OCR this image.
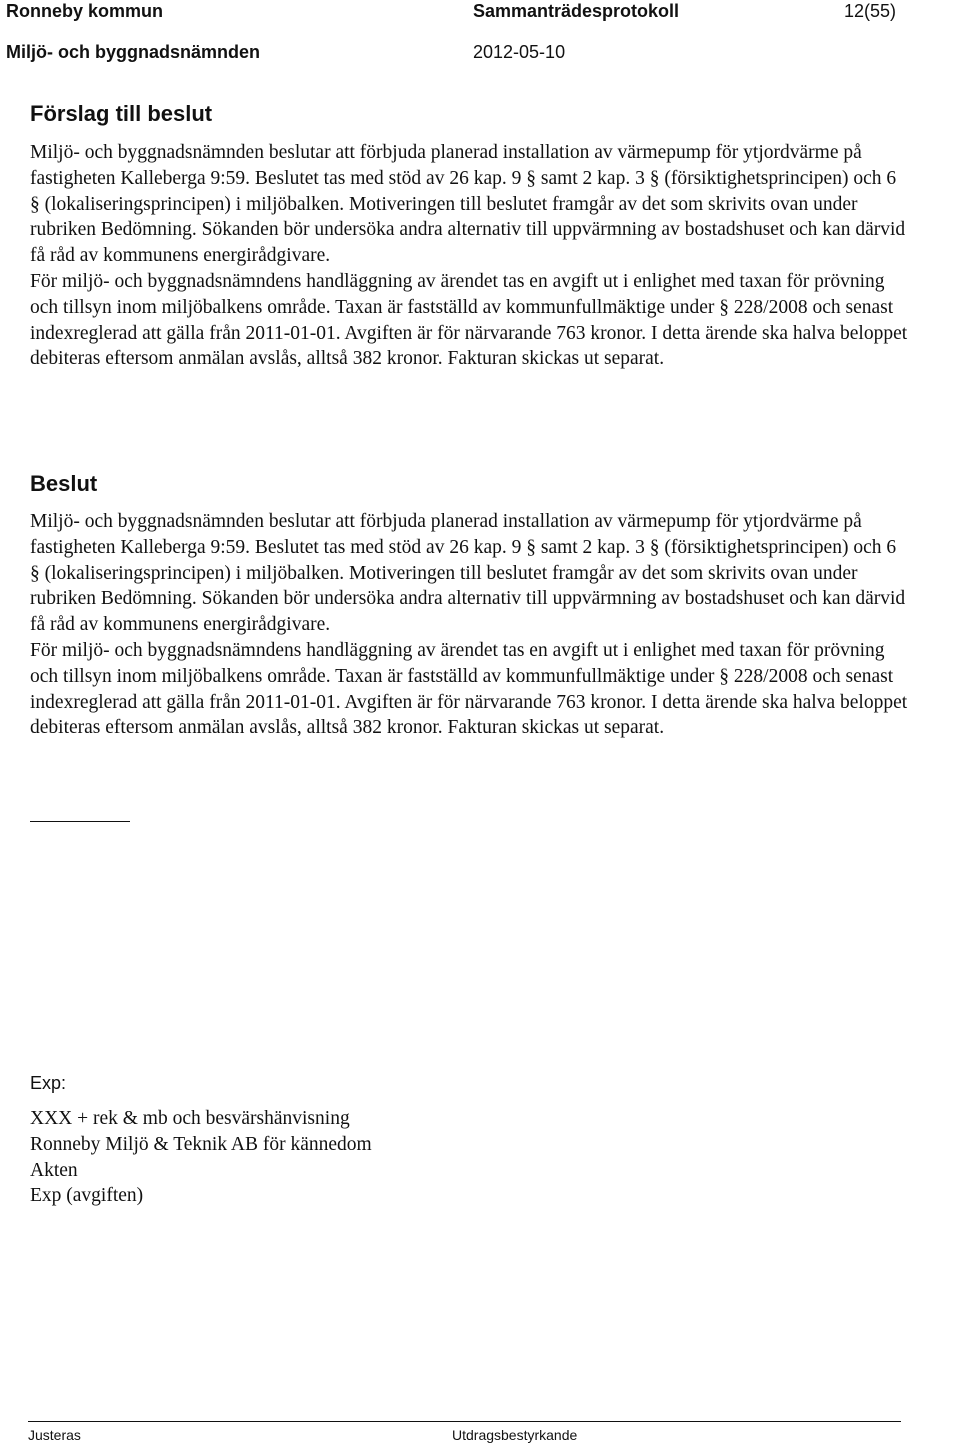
Ronneby kommun	Sammanträdesprotokoll	12(55)
Miljö- och byggnadsnämnden	2012-05-10
Förslag till beslut

Miljö- och byggnadsnämnden beslutar att förbjuda planerad installation av värmepump för ytjordvärme på fastigheten Kalleberga 9:59. Beslutet tas med stöd av 26 kap. 9 § samt 2 kap. 3 § (försiktighetsprincipen) och 6 § (lokaliseringsprincipen) i miljöbalken. Motiveringen till beslutet framgår av det som skrivits ovan under rubriken Bedömning. Sökanden bör undersöka andra alternativ till uppvärmning av bostadshuset och kan därvid få råd av kommunens energirådgivare.

För miljö- och byggnadsnämndens handläggning av ärendet tas en avgift ut i enlighet med taxan för prövning och tillsyn inom miljöbalkens område. Taxan är fastställd av kommunfullmäktige under § 228/2008 och senast indexreglerad att gälla från 2011-01-01. Avgiften är för närvarande 763 kronor. I detta ärende ska halva beloppet debiteras eftersom anmälan avslås, alltså 382 kronor. Fakturan skickas ut separat.

Beslut

Miljö- och byggnadsnämnden beslutar att förbjuda planerad installation av värmepump för ytjordvärme på fastigheten Kalleberga 9:59. Beslutet tas med stöd av 26 kap. 9 § samt 2 kap. 3 § (försiktighetsprincipen) och 6 § (lokaliseringsprincipen) i miljöbalken. Motiveringen till beslutet framgår av det som skrivits ovan under rubriken Bedömning. Sökanden bör undersöka andra alternativ till uppvärmning av bostadshuset och kan därvid få råd av kommunens energirådgivare.

För miljö- och byggnadsnämndens handläggning av ärendet tas en avgift ut i enlighet med taxan för prövning och tillsyn inom miljöbalkens område. Taxan är fastställd av kommunfullmäktige under § 228/2008 och senast indexreglerad att gälla från 2011-01-01. Avgiften är för närvarande 763 kronor. I detta ärende ska halva beloppet debiteras eftersom anmälan avslås, alltså 382 kronor. Fakturan skickas ut separat.

Exp:
XXX + rek & mb och besvärshänvisning
Ronneby Miljö & Teknik AB för kännedom
Akten
Exp (avgiften)
Justeras	Utdragsbestyrkande
